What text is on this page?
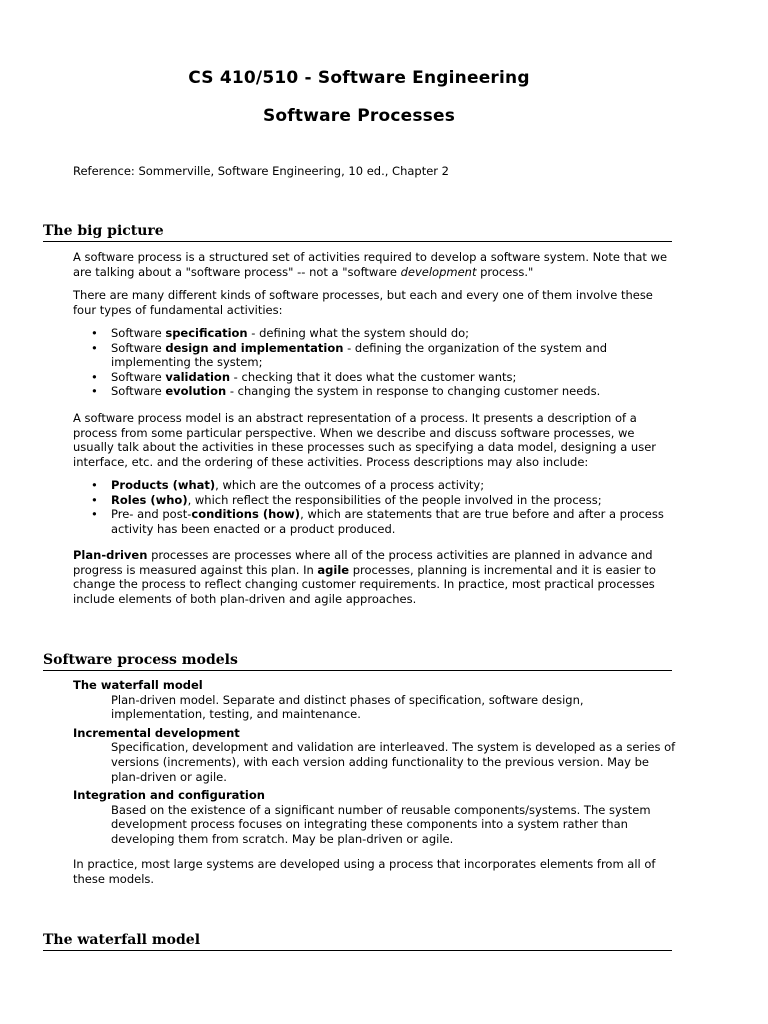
CS 410/510 - Software Engineering
Software Processes
Reference: Sommerville, Software Engineering, 10 ed., Chapter 2
The big picture

A software process is a structured set of activities required to develop a software system. Note that we are talking about a "software process" -- not a "software development process."

There are many different kinds of software processes, but each and every one of them involve these four types of fundamental activities:

• Software specification - defining what the system should do;
• Software design and implementation - defining the organization of the system and implementing the system;
• Software validation - checking that it does what the customer wants;
• Software evolution - changing the system in response to changing customer needs.

A software process model is an abstract representation of a process. It presents a description of a process from some particular perspective. When we describe and discuss software processes, we usually talk about the activities in these processes such as specifying a data model, designing a user interface, etc. and the ordering of these activities. Process descriptions may also include:

• Products (what), which are the outcomes of a process activity;
• Roles (who), which reflect the responsibilities of the people involved in the process;
• Pre- and post-conditions (how), which are statements that are true before and after a process activity has been enacted or a product produced.

Plan-driven processes are processes where all of the process activities are planned in advance and progress is measured against this plan. In agile processes, planning is incremental and it is easier to change the process to reflect changing customer requirements. In practice, most practical processes include elements of both plan-driven and agile approaches.

Software process models
The waterfall model
Plan-driven model. Separate and distinct phases of specification, software design, implementation, testing, and maintenance.
Incremental development
Specification, development and validation are interleaved. The system is developed as a series of versions (increments), with each version adding functionality to the previous version. May be plan-driven or agile.
Integration and configuration
Based on the existence of a significant number of reusable components/systems. The system development process focuses on integrating these components into a system rather than developing them from scratch. May be plan-driven or agile.

In practice, most large systems are developed using a process that incorporates elements from all of these models.

The waterfall model
